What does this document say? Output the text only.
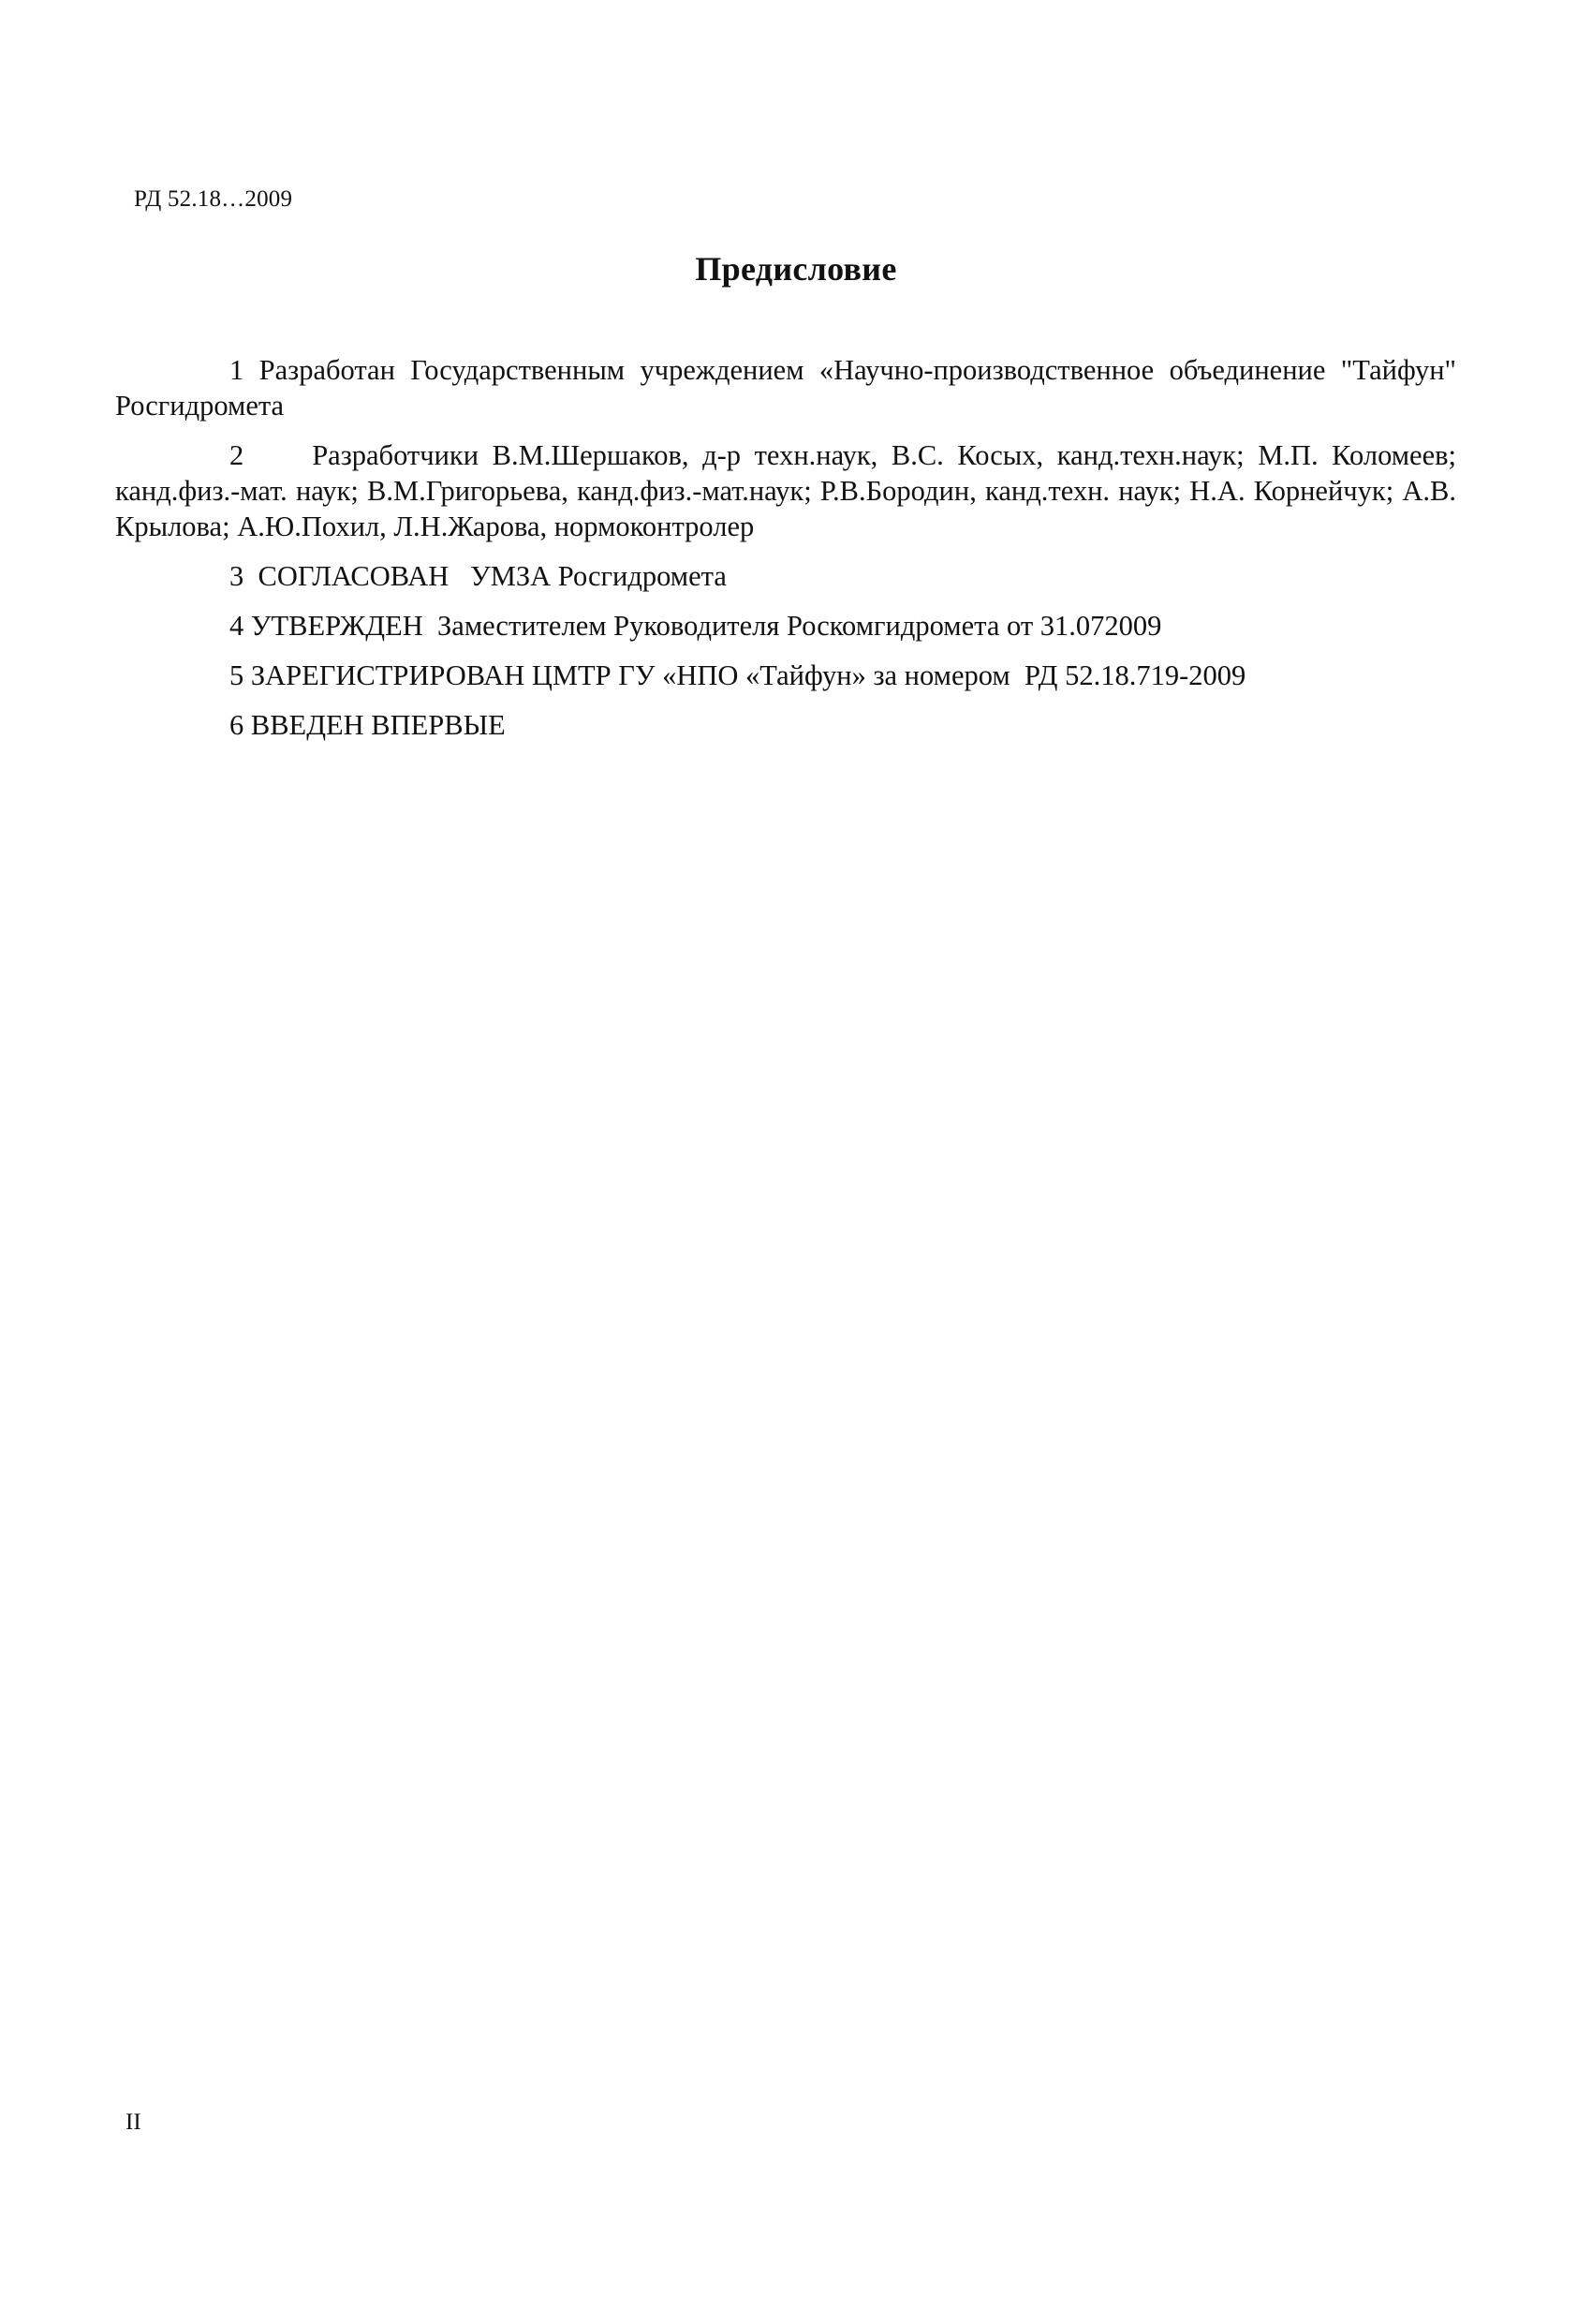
РД 52.18…2009
Предисловие

1 Разработан Государственным учреждением «Научно-производственное объединение "Тайфун" Росгидромета

2     Разработчики В.М.Шершаков, д-р техн.наук, В.С. Косых, канд.техн.наук; М.П. Коломеев; канд.физ.-мат. наук; В.М.Григорьева, канд.физ.-мат.наук; Р.В.Бородин, канд.техн. наук; Н.А. Корнейчук; А.В. Крылова; А.Ю.Похил, Л.Н.Жарова, нормоконтролер

3  СОГЛАСОВАН   УМЗА Росгидромета

4 УТВЕРЖДЕН  Заместителем Руководителя Роскомгидромета от 31.072009

5 ЗАРЕГИСТРИРОВАН ЦМТР ГУ «НПО «Тайфун» за номером  РД 52.18.719-2009

6 ВВЕДЕН ВПЕРВЫЕ

II
